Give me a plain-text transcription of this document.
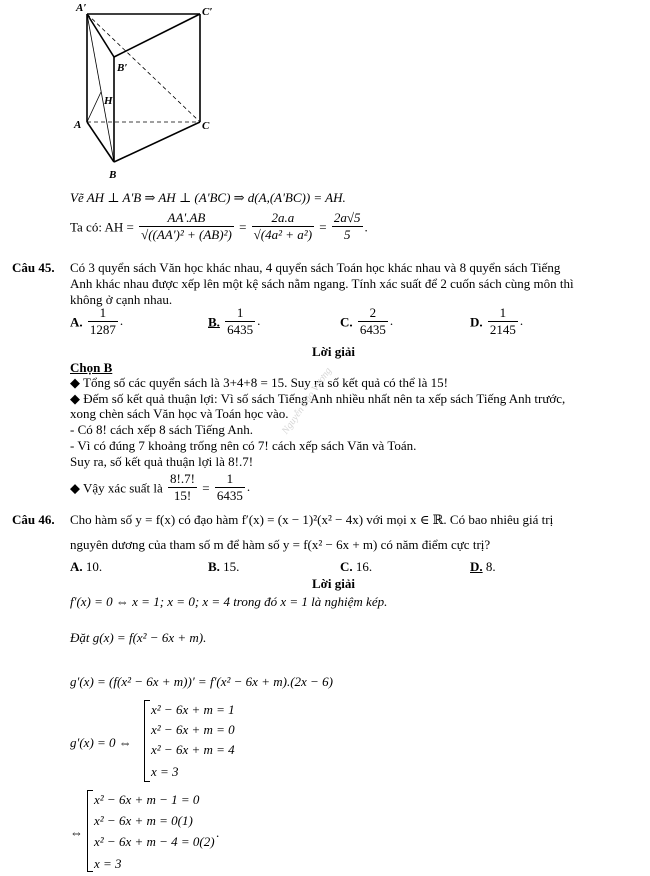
A′	C′
B′
H
A	C
B
Vẽ AH ⊥ A'B ⇒ AH ⊥ (A'BC) ⇒ d(A,(A'BC)) = AH.
Ta có: AH = $\frac{AA'.AB}{\text{√((AA')² + (AB)²)}} = \frac{2a.a}{\text{√(4a² + a²)}} = \frac{2a√5}{5}$ .
Câu 45. Có 3 quyển sách Văn học khác nhau, 4 quyển sách Toán học khác nhau và 8 quyển sách Tiếng
Anh khác nhau được xếp lên một kệ sách nằm ngang. Tính xác suất để 2 cuốn sách cùng môn thì
không ở cạnh nhau.
A. $\frac{1}{1287}$ .	B. $\frac{1}{6435}$ .	C. $\frac{2}{6435}$ .	D. $\frac{1}{2145}$ .
Lời giải
Chọn B
◆ Tổng số các quyển sách là 3+4+8 = 15. Suy ra số kết quả có thể là 15!
◆ Đếm số kết quả thuận lợi: Vì số sách Tiếng Anh nhiều nhất nên ta xếp sách Tiếng Anh trước,
xong chèn sách Văn học và Toán học vào.
- Có 8! cách xếp 8 sách Tiếng Anh.
- Vì có đúng 7 khoảng trống nên có 7! cách xếp sách Văn và Toán.
Suy ra, số kết quả thuận lợi là 8!.7!
◆ Vậy xác suất là $\frac{8!.7!}{15!} = \frac{1}{6435}$ .
Câu 46. Cho hàm số y = f(x) có đạo hàm f′(x) = (x − 1)²(x² − 4x) với mọi x ∈ ℝ. Có bao nhiêu giá trị
nguyên dương của tham số m để hàm số y = f(x² − 6x + m) có năm điểm cực trị?
A. 10.	B. 15.	C. 16.	D. 8.
Lời giải
f′(x) = 0 ⇔ x = 1; x = 0; x = 4 trong đó x = 1 là nghiệm kép.
Đặt g(x) = f(x² − 6x + m).
g′(x) = (f(x² − 6x + m))′ = f′(x² − 6x + m).(2x − 6)
g′(x) = 0 ⇔
x² − 6x + m = 1
x² − 6x + m = 0
x² − 6x + m = 4
x = 3
⇔
x² − 6x + m − 1 = 0
x² − 6x + m = 0(1)
x² − 6x + m − 4 = 0(2)
x = 3
.
Nguyễn Bảo Vương
